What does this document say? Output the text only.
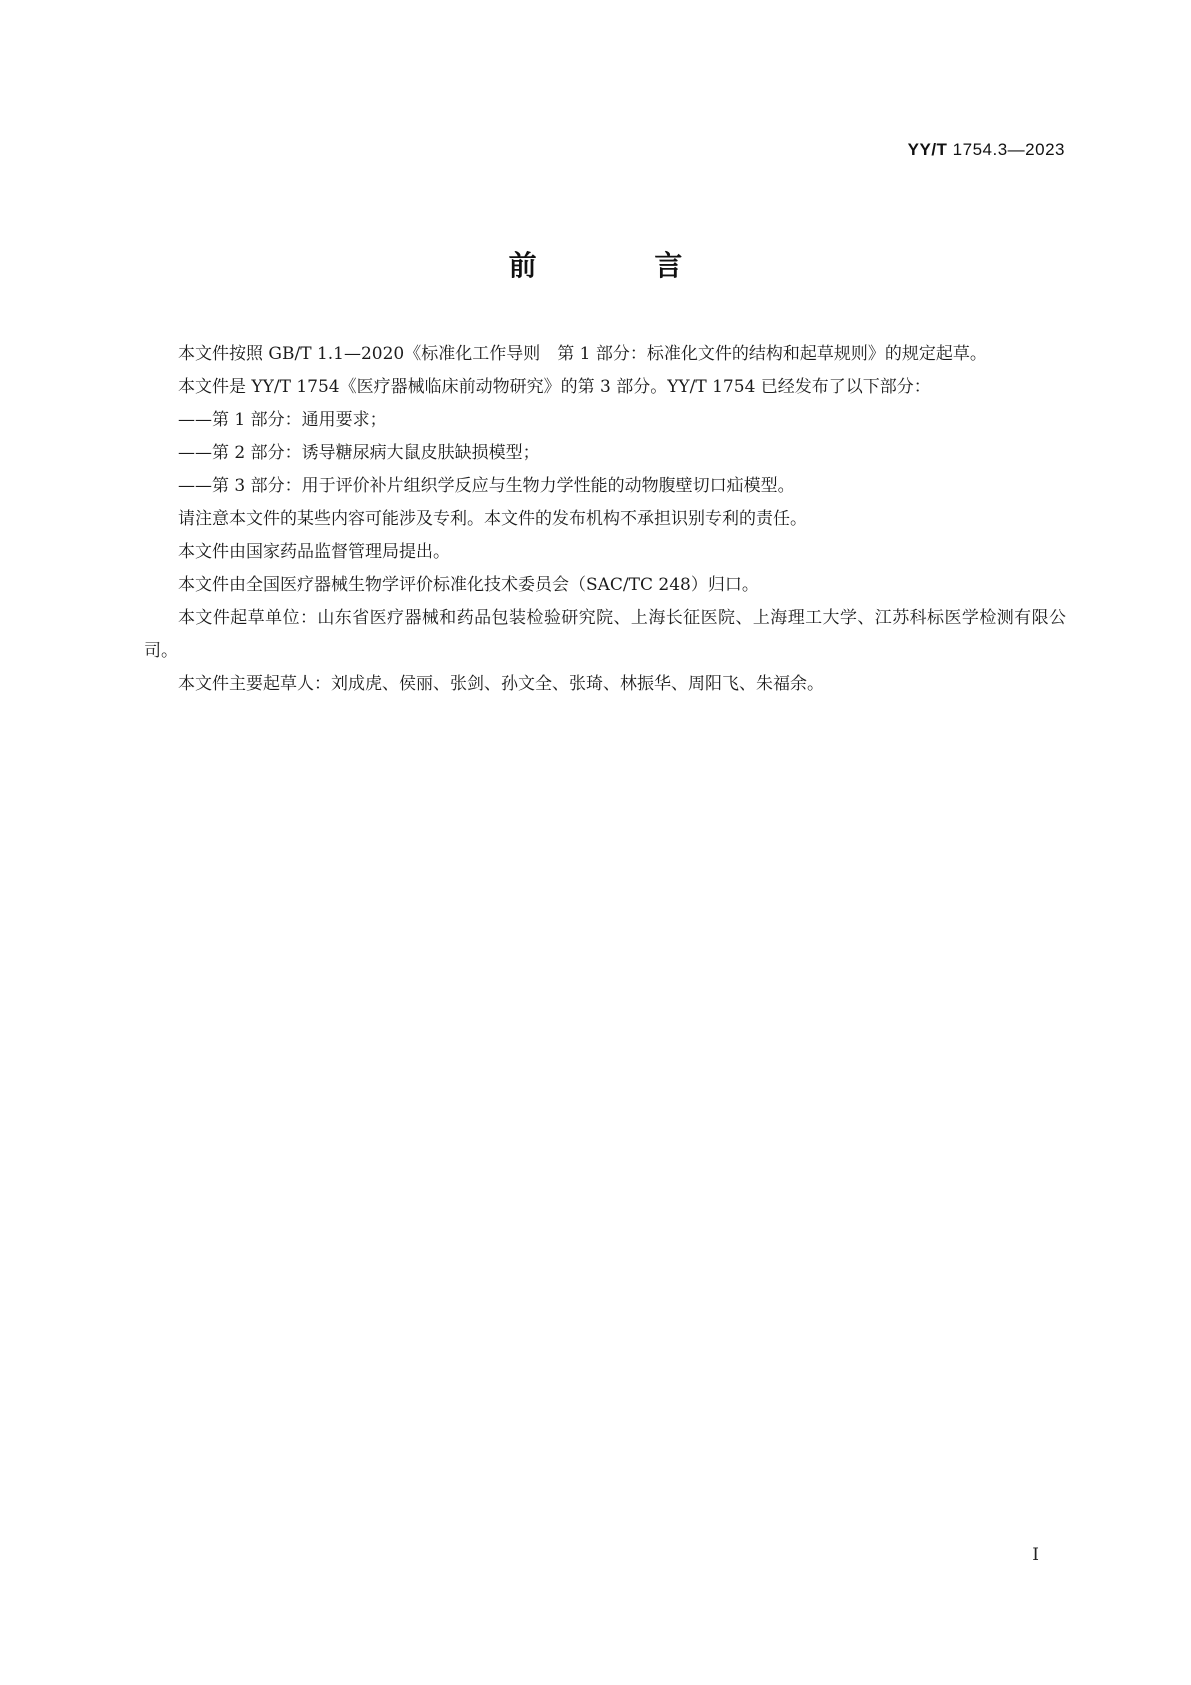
YY/T 1754.3—2023
前 言

本文件按照 GB/T 1.1—2020《标准化工作导则　第 1 部分：标准化文件的结构和起草规则》的规定起草。

本文件是 YY/T 1754《医疗器械临床前动物研究》的第 3 部分。YY/T 1754 已经发布了以下部分：

——第 1 部分：通用要求；

——第 2 部分：诱导糖尿病大鼠皮肤缺损模型；

——第 3 部分：用于评价补片组织学反应与生物力学性能的动物腹壁切口疝模型。

请注意本文件的某些内容可能涉及专利。本文件的发布机构不承担识别专利的责任。

本文件由国家药品监督管理局提出。

本文件由全国医疗器械生物学评价标准化技术委员会（SAC/TC 248）归口。

本文件起草单位：山东省医疗器械和药品包装检验研究院、上海长征医院、上海理工大学、江苏科标医学检测有限公司。

本文件主要起草人：刘成虎、侯丽、张剑、孙文全、张琦、林振华、周阳飞、朱福余。

I
